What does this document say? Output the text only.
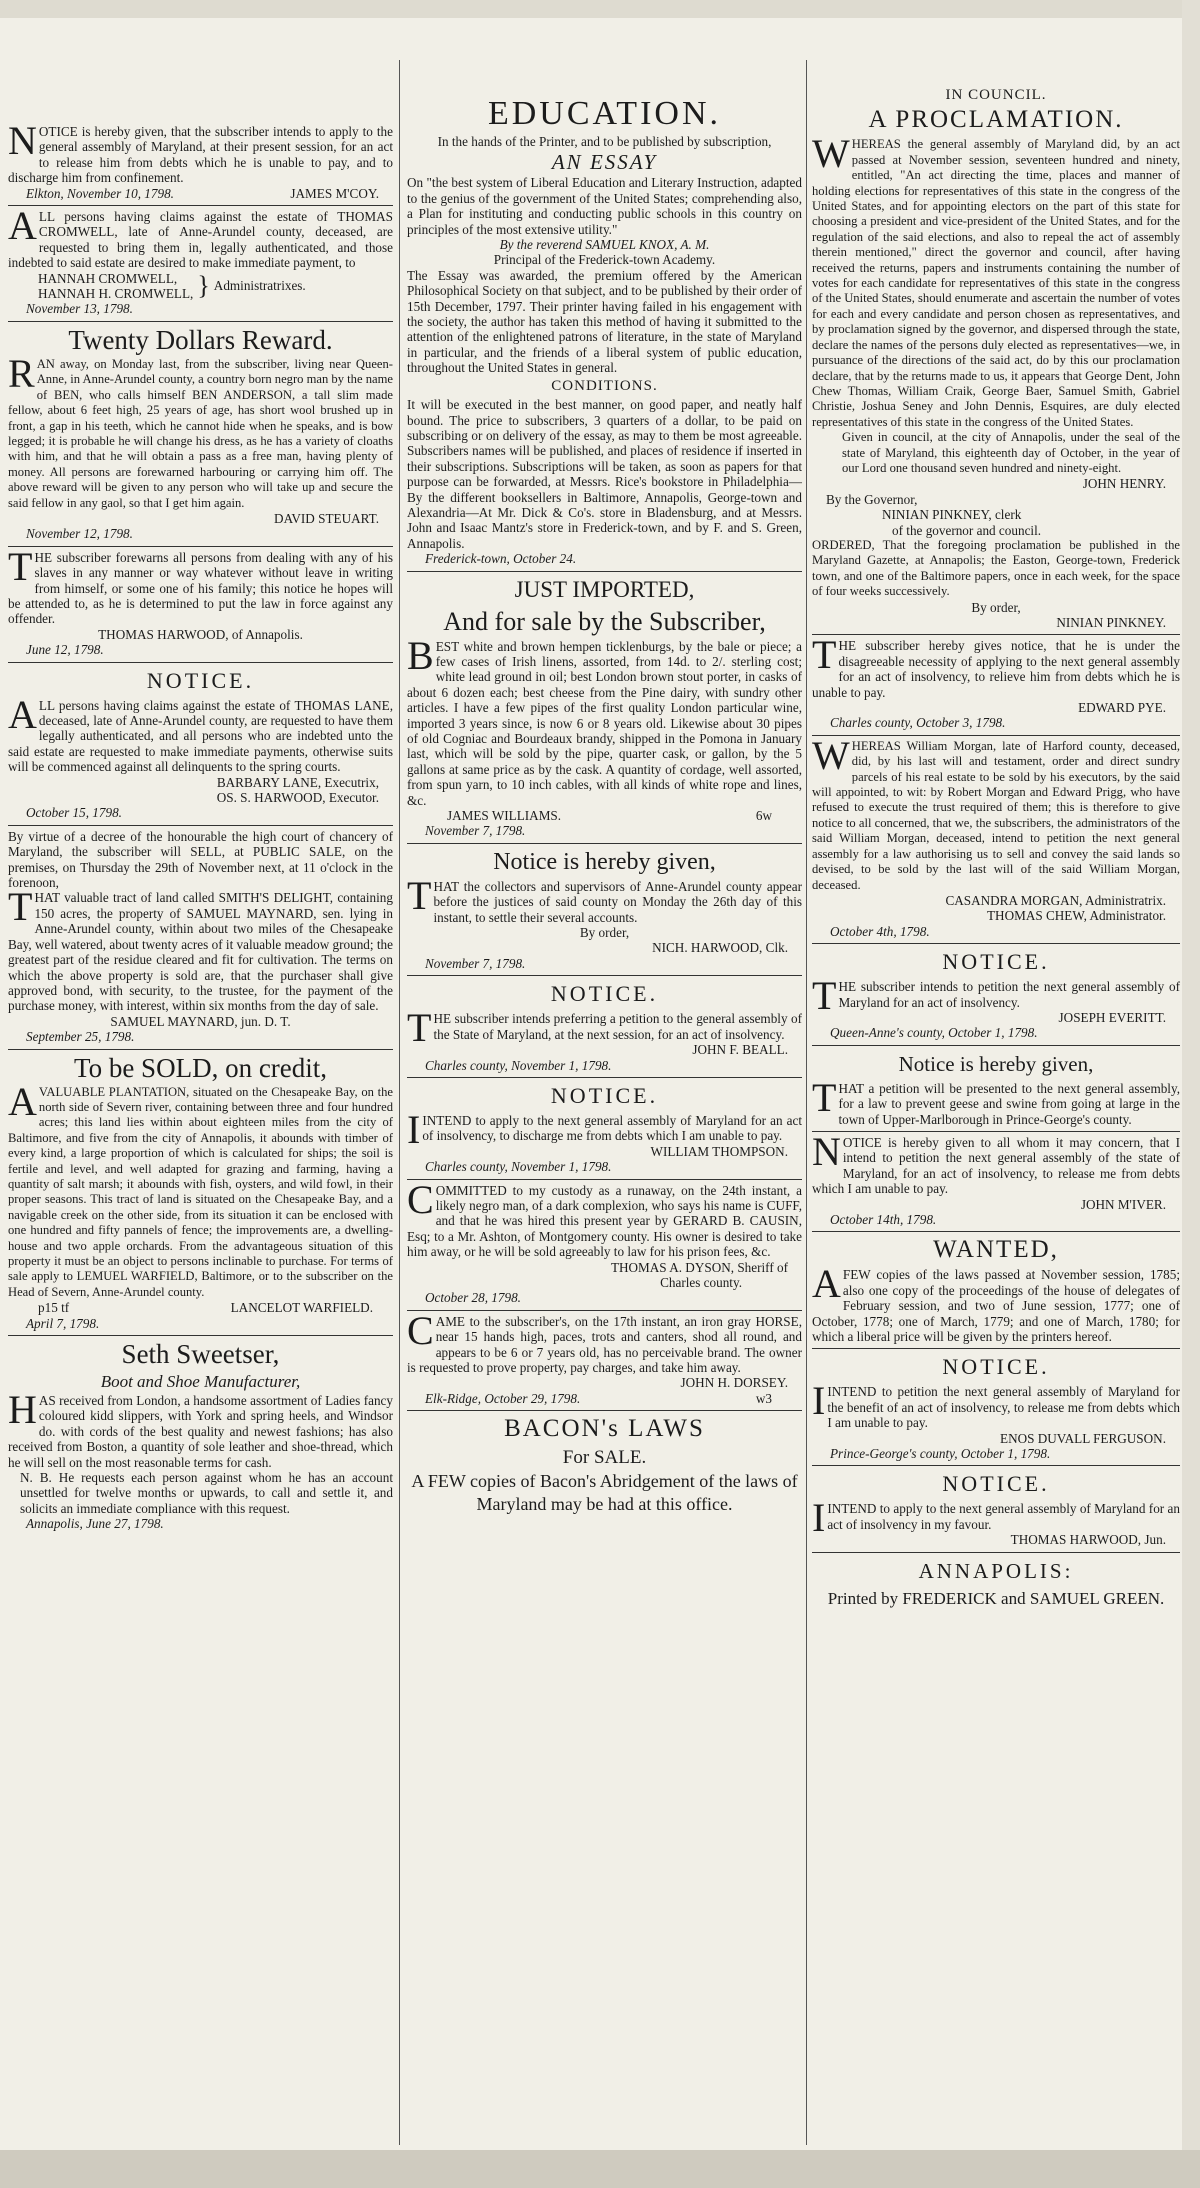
NOTICE is hereby given, that the subscriber intends to apply to the general assembly of Maryland, at their present session, for an act to release him from debts which he is unable to pay, and to discharge him from confinement.

Elkton, November 10, 1798.	JAMES M'COY.

ALL persons having claims against the estate of THOMAS CROMWELL, late of Anne-Arundel county, deceased, are requested to bring them in, legally authenticated, and those indebted to said estate are desired to make immediate payment, to

HANNAH CROMWELL,
HANNAH H. CROMWELL, } Administratrixes.
November 13, 1798.
Twenty Dollars Reward.

RAN away, on Monday last, from the subscriber, living near Queen-Anne, in Anne-Arundel county, a country born negro man by the name of BEN, who calls himself BEN ANDERSON, a tall slim made fellow, about 6 feet high, 25 years of age, has short wool brushed up in front, a gap in his teeth, which he cannot hide when he speaks, and is bow legged; it is probable he will change his dress, as he has a variety of cloaths with him, and that he will obtain a pass as a free man, having plenty of money. All persons are forewarned harbouring or carrying him off. The above reward will be given to any person who will take up and secure the said fellow in any gaol, so that I get him again.

DAVID STEUART.
November 12, 1798.

THE subscriber forewarns all persons from dealing with any of his slaves in any manner or way whatever without leave in writing from himself, or some one of his family; this notice he hopes will be attended to, as he is determined to put the law in force against any offender.

THOMAS HARWOOD, of Annapolis.
June 12, 1798.
NOTICE.

ALL persons having claims against the estate of THOMAS LANE, deceased, late of Anne-Arundel county, are requested to have them legally authenticated, and all persons who are indebted unto the said estate are requested to make immediate payments, otherwise suits will be commenced against all delinquents to the spring courts.

BARBARY LANE, Executrix,
OS. S. HARWOOD, Executor.
October 15, 1798.

By virtue of a decree of the honourable the high court of chancery of Maryland, the subscriber will SELL, at PUBLIC SALE, on the premises, on Thursday the 29th of November next, at 11 o'clock in the forenoon,

THAT valuable tract of land called SMITH'S DELIGHT, containing 150 acres, the property of SAMUEL MAYNARD, sen. lying in Anne-Arundel county, within about two miles of the Chesapeake Bay, well watered, about twenty acres of it valuable meadow ground; the greatest part of the residue cleared and fit for cultivation. The terms on which the above property is sold are, that the purchaser shall give approved bond, with security, to the trustee, for the payment of the purchase money, with interest, within six months from the day of sale.

SAMUEL MAYNARD, jun. D. T.
September 25, 1798.
To be SOLD, on credit,

AVALUABLE PLANTATION, situated on the Chesapeake Bay, on the north side of Severn river, containing between three and four hundred acres; this land lies within about eighteen miles from the city of Baltimore, and five from the city of Annapolis, it abounds with timber of every kind, a large proportion of which is calculated for ships; the soil is fertile and level, and well adapted for grazing and farming, having a quantity of salt marsh; it abounds with fish, oysters, and wild fowl, in their proper seasons. This tract of land is situated on the Chesapeake Bay, and a navigable creek on the other side, from its situation it can be enclosed with one hundred and fifty pannels of fence; the improvements are, a dwelling-house and two apple orchards. From the advantageous situation of this property it must be an object to persons inclinable to purchase. For terms of sale apply to LEMUEL WARFIELD, Baltimore, or to the subscriber on the Head of Severn, Anne-Arundel county.

p15 tf	LANCELOT WARFIELD.
April 7, 1798.
Seth Sweetser,
Boot and Shoe Manufacturer,

HAS received from London, a handsome assortment of Ladies fancy coloured kidd slippers, with York and spring heels, and Windsor do. with cords of the best quality and newest fashions; has also received from Boston, a quantity of sole leather and shoe-thread, which he will sell on the most reasonable terms for cash.

N. B. He requests each person against whom he has an account unsettled for twelve months or upwards, to call and settle it, and solicits an immediate compliance with this request.

Annapolis, June 27, 1798.
EDUCATION.
In the hands of the Printer, and to be published by subscription,
AN ESSAY

On "the best system of Liberal Education and Literary Instruction, adapted to the genius of the government of the United States; comprehending also, a Plan for instituting and conducting public schools in this country on principles of the most extensive utility."

By the reverend SAMUEL KNOX, A. M.
Principal of the Frederick-town Academy.

The Essay was awarded, the premium offered by the American Philosophical Society on that subject, and to be published by their order of 15th December, 1797. Their printer having failed in his engagement with the society, the author has taken this method of having it submitted to the attention of the enlightened patrons of literature, in the state of Maryland in particular, and the friends of a liberal system of public education, throughout the United States in general.

CONDITIONS.

It will be executed in the best manner, on good paper, and neatly half bound. The price to subscribers, 3 quarters of a dollar, to be paid on subscribing or on delivery of the essay, as may to them be most agreeable. Subscribers names will be published, and places of residence if inserted in their subscriptions. Subscriptions will be taken, as soon as papers for that purpose can be forwarded, at Messrs. Rice's bookstore in Philadelphia—By the different booksellers in Baltimore, Annapolis, George-town and Alexandria—At Mr. Dick & Co's. store in Bladensburg, and at Messrs. John and Isaac Mantz's store in Frederick-town, and by F. and S. Green, Annapolis.

Frederick-town, October 24.
JUST IMPORTED,
And for sale by the Subscriber,

BEST white and brown hempen ticklenburgs, by the bale or piece; a few cases of Irish linens, assorted, from 14d. to 2/. sterling cost; white lead ground in oil; best London brown stout porter, in casks of about 6 dozen each; best cheese from the Pine dairy, with sundry other articles. I have a few pipes of the first quality London particular wine, imported 3 years since, is now 6 or 8 years old. Likewise about 30 pipes of old Cogniac and Bourdeaux brandy, shipped in the Pomona in January last, which will be sold by the pipe, quarter cask, or gallon, by the 5 gallons at same price as by the cask. A quantity of cordage, well assorted, from spun yarn, to 10 inch cables, with all kinds of white rope and lines, &c.

JAMES WILLIAMS.	6w
November 7, 1798.
Notice is hereby given,

THAT the collectors and supervisors of Anne-Arundel county appear before the justices of said county on Monday the 26th day of this instant, to settle their several accounts.

By order,
NICH. HARWOOD, Clk.
November 7, 1798.
NOTICE.

THE subscriber intends preferring a petition to the general assembly of the State of Maryland, at the next session, for an act of insolvency.

JOHN F. BEALL.
Charles county, November 1, 1798.
NOTICE.

IINTEND to apply to the next general assembly of Maryland for an act of insolvency, to discharge me from debts which I am unable to pay.

WILLIAM THOMPSON.
Charles county, November 1, 1798.

COMMITTED to my custody as a runaway, on the 24th instant, a likely negro man, of a dark complexion, who says his name is CUFF, and that he was hired this present year by GERARD B. CAUSIN, Esq; to a Mr. Ashton, of Montgomery county. His owner is desired to take him away, or he will be sold agreeably to law for his prison fees, &c.

THOMAS A. DYSON, Sheriff of
Charles county.
October 28, 1798.

CAME to the subscriber's, on the 17th instant, an iron gray HORSE, near 15 hands high, paces, trots and canters, shod all round, and appears to be 6 or 7 years old, has no perceivable brand. The owner is requested to prove property, pay charges, and take him away.

JOHN H. DORSEY.
Elk-Ridge, October 29, 1798.	w3
BACON's LAWS
For SALE.

A FEW copies of Bacon's Abridgement of the laws of Maryland may be had at this office.

IN COUNCIL.
A PROCLAMATION.

WHEREAS the general assembly of Maryland did, by an act passed at November session, seventeen hundred and ninety, entitled, "An act directing the time, places and manner of holding elections for representatives of this state in the congress of the United States, and for appointing electors on the part of this state for choosing a president and vice-president of the United States, and for the regulation of the said elections, and also to repeal the act of assembly therein mentioned," direct the governor and council, after having received the returns, papers and instruments containing the number of votes for each candidate for representatives of this state in the congress of the United States, should enumerate and ascertain the number of votes for each and every candidate and person chosen as representatives, and by proclamation signed by the governor, and dispersed through the state, declare the names of the persons duly elected as representatives—we, in pursuance of the directions of the said act, do by this our proclamation declare, that by the returns made to us, it appears that George Dent, John Chew Thomas, William Craik, George Baer, Samuel Smith, Gabriel Christie, Joshua Seney and John Dennis, Esquires, are duly elected representatives of this state in the congress of the United States.

Given in council, at the city of Annapolis, under the seal of the state of Maryland, this eighteenth day of October, in the year of our Lord one thousand seven hundred and ninety-eight.

JOHN HENRY.
By the Governor,
NINIAN PINKNEY, clerk
of the governor and council.

ORDERED, That the foregoing proclamation be published in the Maryland Gazette, at Annapolis; the Easton, George-town, Frederick town, and one of the Baltimore papers, once in each week, for the space of four weeks successively.

By order,
NINIAN PINKNEY.

THE subscriber hereby gives notice, that he is under the disagreeable necessity of applying to the next general assembly for an act of insolvency, to relieve him from debts which he is unable to pay.

EDWARD PYE.
Charles county, October 3, 1798.

WHEREAS William Morgan, late of Harford county, deceased, did, by his last will and testament, order and direct sundry parcels of his real estate to be sold by his executors, by the said will appointed, to wit: by Robert Morgan and Edward Prigg, who have refused to execute the trust required of them; this is therefore to give notice to all concerned, that we, the subscribers, the administrators of the said William Morgan, deceased, intend to petition the next general assembly for a law authorising us to sell and convey the said lands so devised, to be sold by the last will of the said William Morgan, deceased.

CASANDRA MORGAN, Administratrix.
THOMAS CHEW, Administrator.
October 4th, 1798.
NOTICE.

THE subscriber intends to petition the next general assembly of Maryland for an act of insolvency.

JOSEPH EVERITT.
Queen-Anne's county, October 1, 1798.
Notice is hereby given,

THAT a petition will be presented to the next general assembly, for a law to prevent geese and swine from going at large in the town of Upper-Marlborough in Prince-George's county.

NOTICE is hereby given to all whom it may concern, that I intend to petition the next general assembly of the state of Maryland, for an act of insolvency, to release me from debts which I am unable to pay.

JOHN M'IVER.
October 14th, 1798.
WANTED,

AFEW copies of the laws passed at November session, 1785; also one copy of the proceedings of the house of delegates of February session, and two of June session, 1777; one of October, 1778; one of March, 1779; and one of March, 1780; for which a liberal price will be given by the printers hereof.

NOTICE.

IINTEND to petition the next general assembly of Maryland for the benefit of an act of insolvency, to release me from debts which I am unable to pay.

ENOS DUVALL FERGUSON.
Prince-George's county, October 1, 1798.
NOTICE.

IINTEND to apply to the next general assembly of Maryland for an act of insolvency in my favour.

THOMAS HARWOOD, Jun.
ANNAPOLIS:
Printed by FREDERICK and SAMUEL GREEN.
